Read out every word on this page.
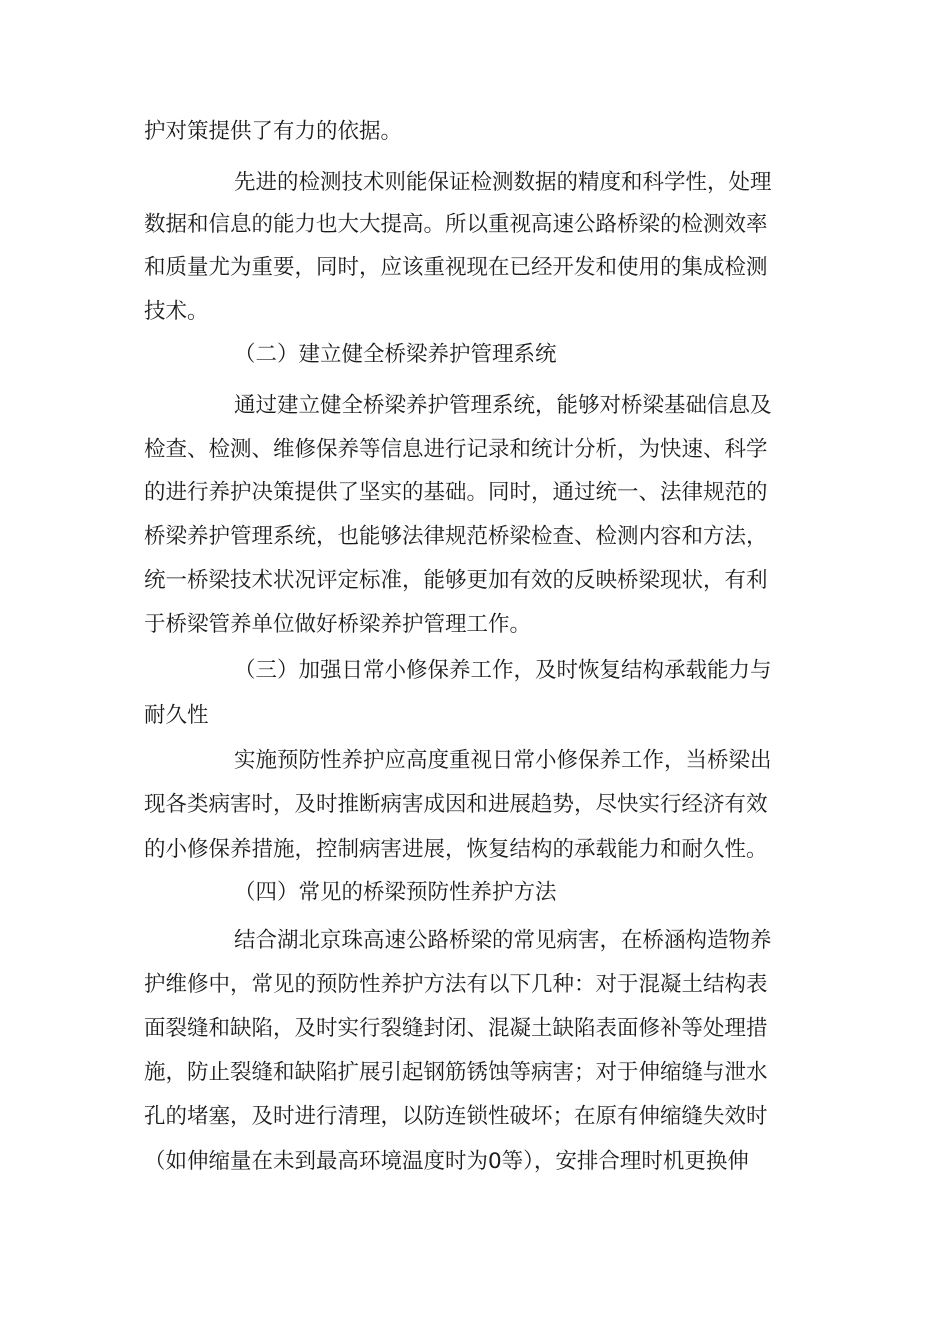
护对策提供了有力的依据。

先进的检测技术则能保证检测数据的精度和科学性，处理

数据和信息的能力也大大提高。所以重视高速公路桥梁的检测效率

和质量尤为重要，同时，应该重视现在已经开发和使用的集成检测

技术。

（二）建立健全桥梁养护管理系统

通过建立健全桥梁养护管理系统，能够对桥梁基础信息及

检查、检测、维修保养等信息进行记录和统计分析，为快速、科学

的进行养护决策提供了坚实的基础。同时，通过统一、法律规范的

桥梁养护管理系统，也能够法律规范桥梁检查、检测内容和方法，

统一桥梁技术状况评定标准，能够更加有效的反映桥梁现状，有利

于桥梁管养单位做好桥梁养护管理工作。

（三）加强日常小修保养工作，及时恢复结构承载能力与

耐久性

实施预防性养护应高度重视日常小修保养工作，当桥梁出

现各类病害时，及时推断病害成因和进展趋势，尽快实行经济有效

的小修保养措施，控制病害进展，恢复结构的承载能力和耐久性。

（四）常见的桥梁预防性养护方法

结合湖北京珠高速公路桥梁的常见病害，在桥涵构造物养

护维修中，常见的预防性养护方法有以下几种：对于混凝土结构表

面裂缝和缺陷，及时实行裂缝封闭、混凝土缺陷表面修补等处理措

施，防止裂缝和缺陷扩展引起钢筋锈蚀等病害；对于伸缩缝与泄水

孔的堵塞，及时进行清理，以防连锁性破坏；在原有伸缩缝失效时

（如伸缩量在未到最高环境温度时为0等），安排合理时机更换伸
